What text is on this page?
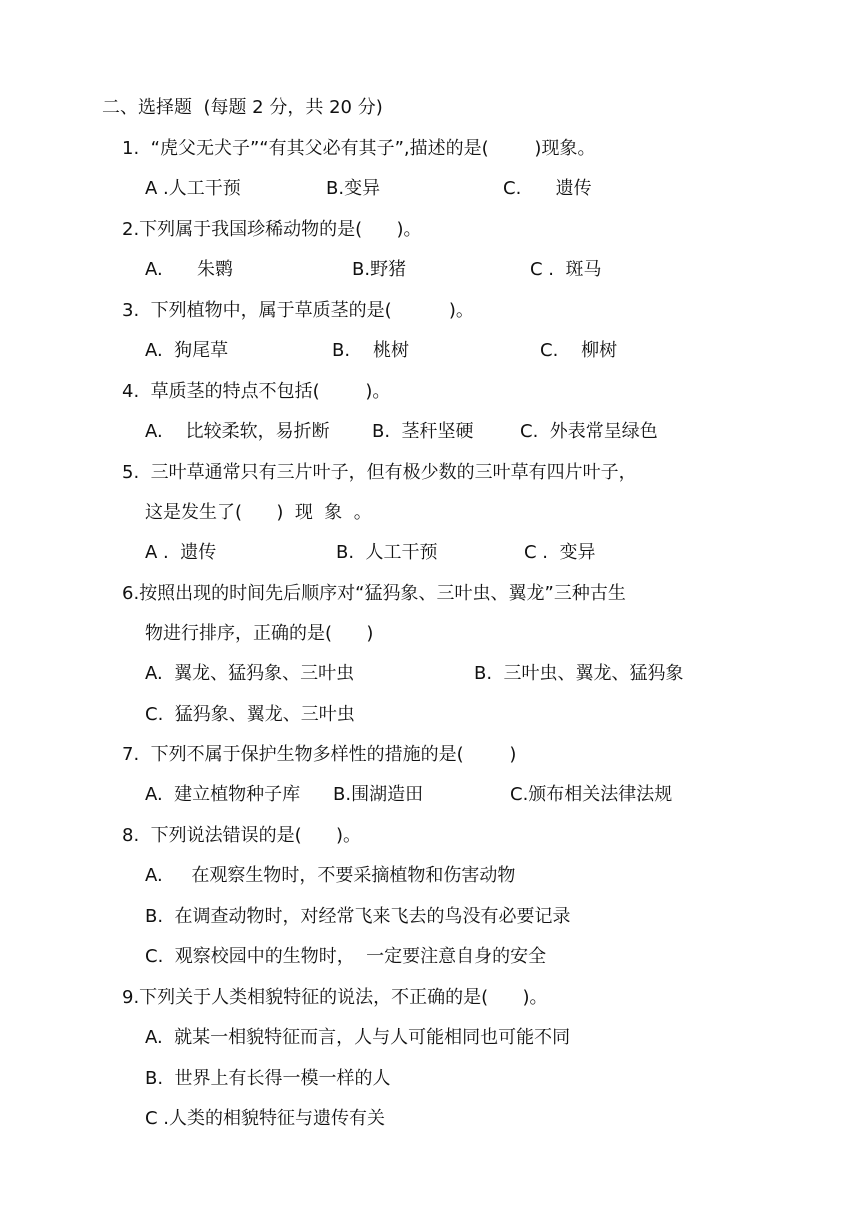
二、选择题  (每题 2 分，共 20 分)
1.  “虎父无犬子”“有其父必有其子”,描述的是(        )现象。
A .人工干预	B.变异	C.      遗传
2.下列属于我国珍稀动物的是(      )。
A.      朱鹮	B.野猪	C .  斑马
3.  下列植物中，属于草质茎的是(          )。
A.  狗尾草	B.    桃树	C.    柳树
4.  草质茎的特点不包括(        )。
A.    比较柔软，易折断 B.  茎秆坚硬	C.  外表常呈绿色
5.  三叶草通常只有三片叶子，但有极少数的三叶草有四片叶子，
这是发生了(      )  现  象  。
A .  遗传	B.  人工干预	C .  变异
6.按照出现的时间先后顺序对“猛犸象、三叶虫、翼龙”三种古生
物进行排序，正确的是(      )
A.  翼龙、猛犸象、三叶虫	B.  三叶虫、翼龙、猛犸象
C.  猛犸象、翼龙、三叶虫
7.  下列不属于保护生物多样性的措施的是(        )
A.  建立植物种子库 B.围湖造田	C.颁布相关法律法规
8.  下列说法错误的是(      )。
A.     在观察生物时，不要采摘植物和伤害动物
B.  在调查动物时，对经常飞来飞去的鸟没有必要记录
C.  观察校园中的生物时，  一定要注意自身的安全
9.下列关于人类相貌特征的说法，不正确的是(      )。
A.  就某一相貌特征而言，人与人可能相同也可能不同
B.  世界上有长得一模一样的人
C .人类的相貌特征与遗传有关
